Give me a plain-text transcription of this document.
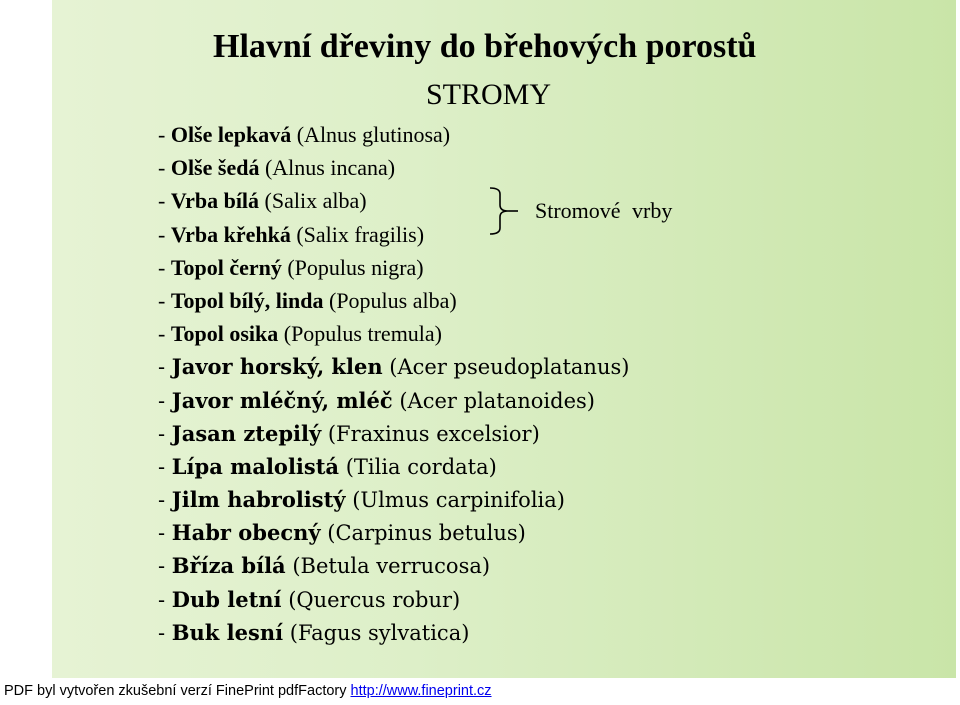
Hlavní dřeviny do břehových porostů
STROMY
- Olše lepkavá (Alnus glutinosa)
- Olše šedá (Alnus incana)
- Vrba bílá (Salix alba)
- Vrba křehká (Salix fragilis)
- Topol černý (Populus nigra)
- Topol bílý, linda (Populus alba)
- Topol osika (Populus tremula)
- Javor horský, klen (Acer pseudoplatanus)
- Javor mléčný, mléč (Acer platanoides)
- Jasan ztepilý (Fraxinus excelsior)
- Lípa malolistá (Tilia cordata)
- Jilm habrolistý (Ulmus carpinifolia)
- Habr obecný (Carpinus betulus)
- Bříza bílá (Betula verrucosa)
- Dub letní (Quercus robur)
- Buk lesní (Fagus sylvatica)
Stromové vrby
PDF byl vytvořen zkušební verzí FinePrint pdfFactory http://www.fineprint.cz
